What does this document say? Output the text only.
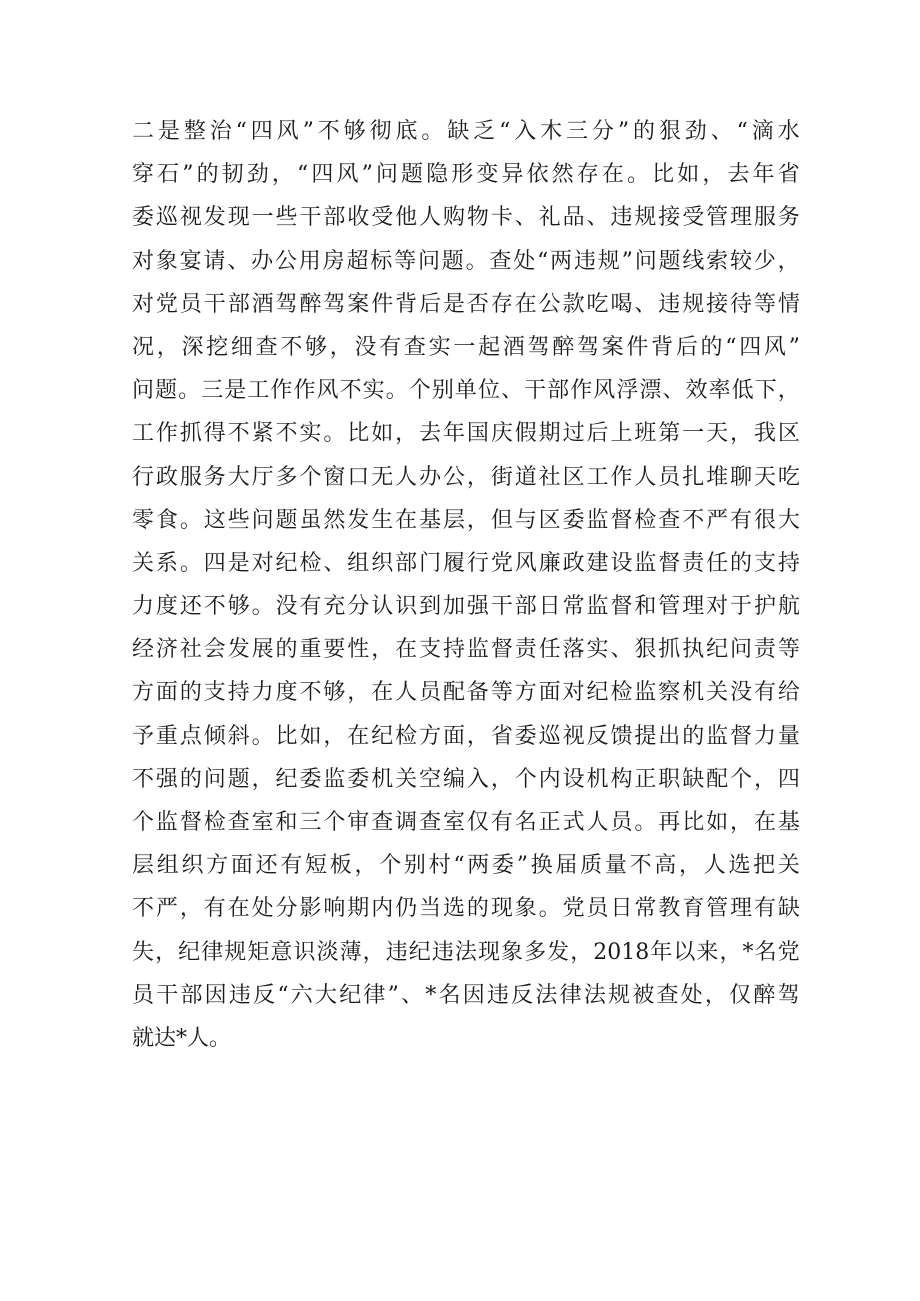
二 是 整 治 “ 四 风 ” 不 够 彻 底 。 缺 乏 “ 入 木 三 分 ” 的 狠 劲 、 “ 滴 水
穿 石 ” 的 韧 劲 ， “ 四 风 ” 问 题 隐 形 变 异 依 然 存 在 。 比 如 ， 去 年 省
委 巡 视 发 现 一 些 干 部 收 受 他 人 购 物 卡 、 礼 品 、 违 规 接 受 管 理 服 务
对 象 宴 请 、 办 公 用 房 超 标 等 问 题 。 查 处 “ 两 违 规 ” 问 题 线 索 较 少 ，
对 党 员 干 部 酒 驾 醉 驾 案 件 背 后 是 否 存 在 公 款 吃 喝 、 违 规 接 待 等 情
况 ， 深 挖 细 查 不 够 ， 没 有 查 实 一 起 酒 驾 醉 驾 案 件 背 后 的 “ 四 风 ”
问 题 。 三 是 工 作 作 风 不 实 。 个 别 单 位 、 干 部 作 风 浮 漂 、 效 率 低 下 ，
工 作 抓 得 不 紧 不 实 。 比 如 ， 去 年 国 庆 假 期 过 后 上 班 第 一 天 ， 我 区
行 政 服 务 大 厅 多 个 窗 口 无 人 办 公 ， 街 道 社 区 工 作 人 员 扎 堆 聊 天 吃
零 食 。 这 些 问 题 虽 然 发 生 在 基 层 ， 但 与 区 委 监 督 检 查 不 严 有 很 大
关 系 。 四 是 对 纪 检 、 组 织 部 门 履 行 党 风 廉 政 建 设 监 督 责 任 的 支 持
力 度 还 不 够 。 没 有 充 分 认 识 到 加 强 干 部 日 常 监 督 和 管 理 对 于 护 航
经 济 社 会 发 展 的 重 要 性 ， 在 支 持 监 督 责 任 落 实 、 狠 抓 执 纪 问 责 等
方 面 的 支 持 力 度 不 够 ， 在 人 员 配 备 等 方 面 对 纪 检 监 察 机 关 没 有 给
予 重 点 倾 斜 。 比 如 ， 在 纪 检 方 面 ， 省 委 巡 视 反 馈 提 出 的 监 督 力 量
不 强 的 问 题 ， 纪 委 监 委 机 关 空 编 入 ， 个 内 设 机 构 正 职 缺 配 个 ， 四
个 监 督 检 查 室 和 三 个 审 查 调 查 室 仅 有 名 正 式 人 员 。 再 比 如 ， 在 基
层 组 织 方 面 还 有 短 板 ， 个 别 村 “ 两 委 ” 换 届 质 量 不 高 ， 人 选 把 关
不 严 ， 有 在 处 分 影 响 期 内 仍 当 选 的 现 象 。 党 员 日 常 教 育 管 理 有 缺
失 ， 纪 律 规 矩 意 识 淡 薄 ， 违 纪 违 法 现 象 多 发 ， 2018 年 以 来 ， * 名 党
员 干 部 因 违 反 “ 六 大 纪 律 ” 、 * 名 因 违 反 法 律 法 规 被 查 处 ， 仅 醉 驾
就达*人。
